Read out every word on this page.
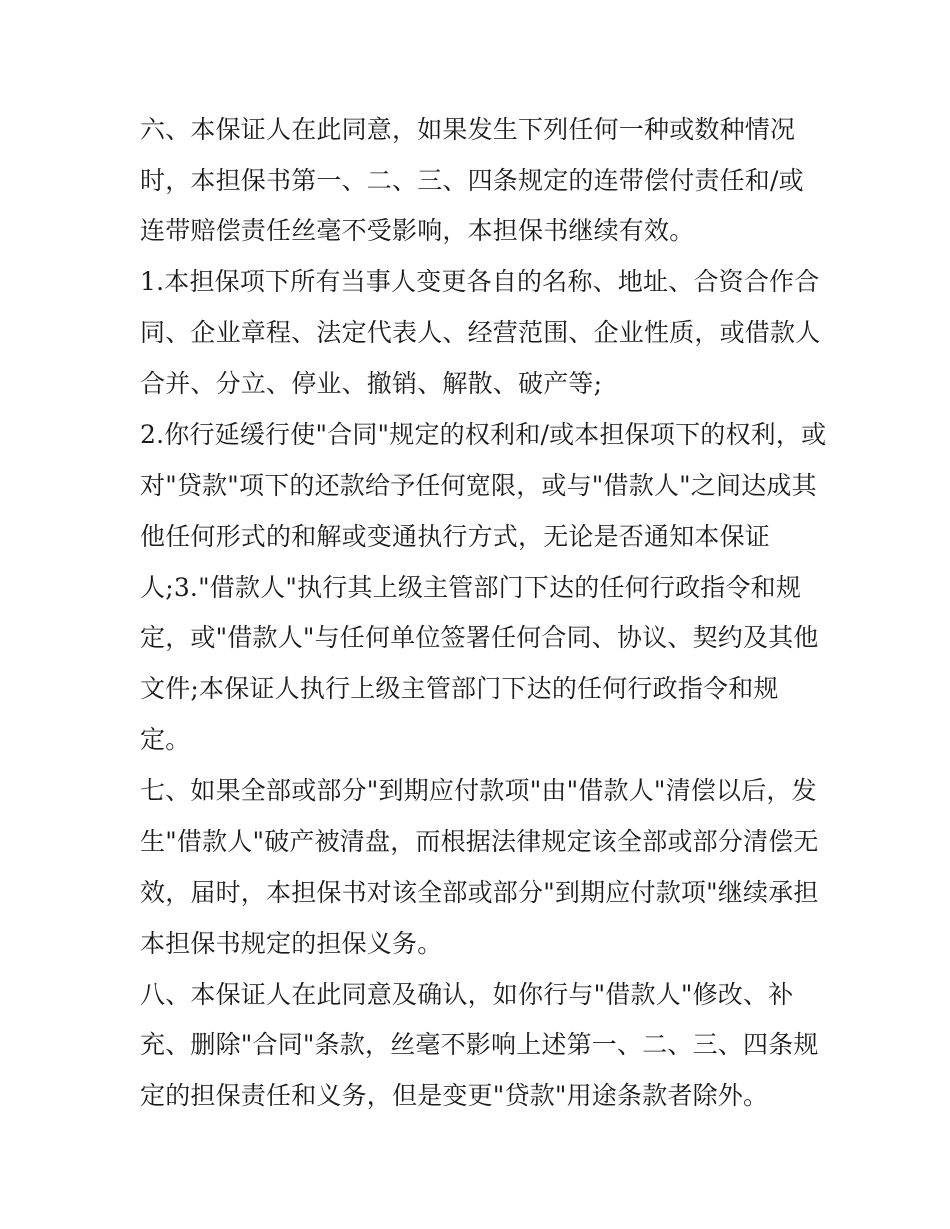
六、本保证人在此同意，如果发生下列任何一种或数种情况
时，本担保书第一、二、三、四条规定的连带偿付责任和/或
连带赔偿责任丝毫不受影响，本担保书继续有效。
1.本担保项下所有当事人变更各自的名称、地址、合资合作合
同、企业章程、法定代表人、经营范围、企业性质，或借款人
合并、分立、停业、撤销、解散、破产等;
2.你行延缓行使"合同"规定的权利和/或本担保项下的权利，或
对"贷款"项下的还款给予任何宽限，或与"借款人"之间达成其
他任何形式的和解或变通执行方式，无论是否通知本保证
人;3."借款人"执行其上级主管部门下达的任何行政指令和规
定，或"借款人"与任何单位签署任何合同、协议、契约及其他
文件;本保证人执行上级主管部门下达的任何行政指令和规
定。
七、如果全部或部分"到期应付款项"由"借款人"清偿以后，发
生"借款人"破产被清盘，而根据法律规定该全部或部分清偿无
效，届时，本担保书对该全部或部分"到期应付款项"继续承担
本担保书规定的担保义务。
八、本保证人在此同意及确认，如你行与"借款人"修改、补
充、删除"合同"条款，丝毫不影响上述第一、二、三、四条规
定的担保责任和义务，但是变更"贷款"用途条款者除外。
